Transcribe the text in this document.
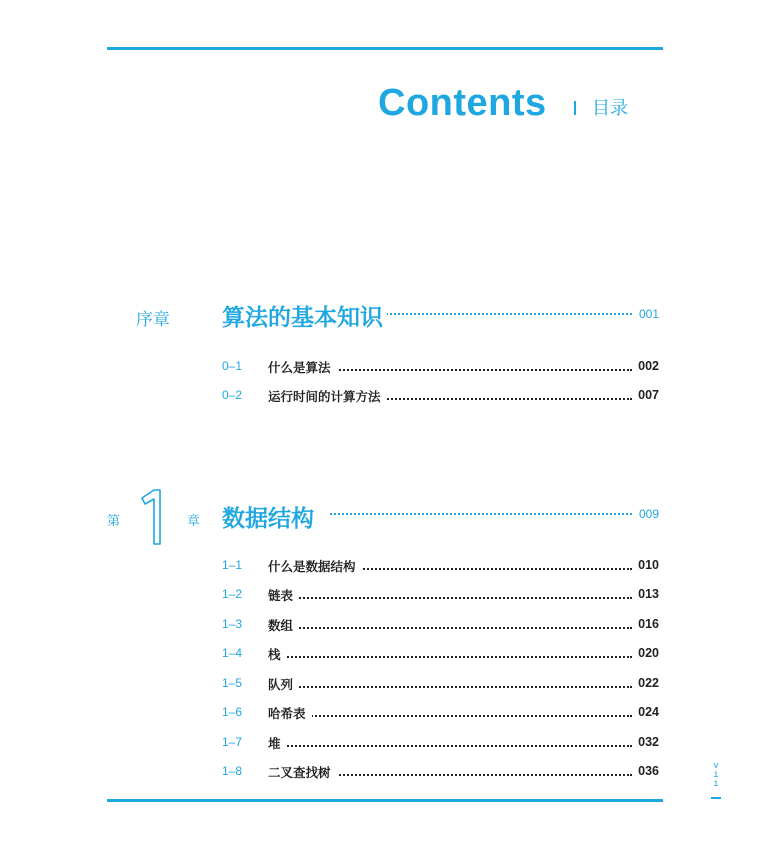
Contents	目录
序章 算法的基本知识	001
0–1 什么是算法	002
0–2 运行时间的计算方法	007
第	章 数据结构	009
1–1 什么是数据结构	010
1–2 链表	013
1–3 数组	016
1–4 栈	020
1–5 队列	022
1–6 哈希表	024
1–7 堆	032
1–8 二叉查找树	036	v
i
i
